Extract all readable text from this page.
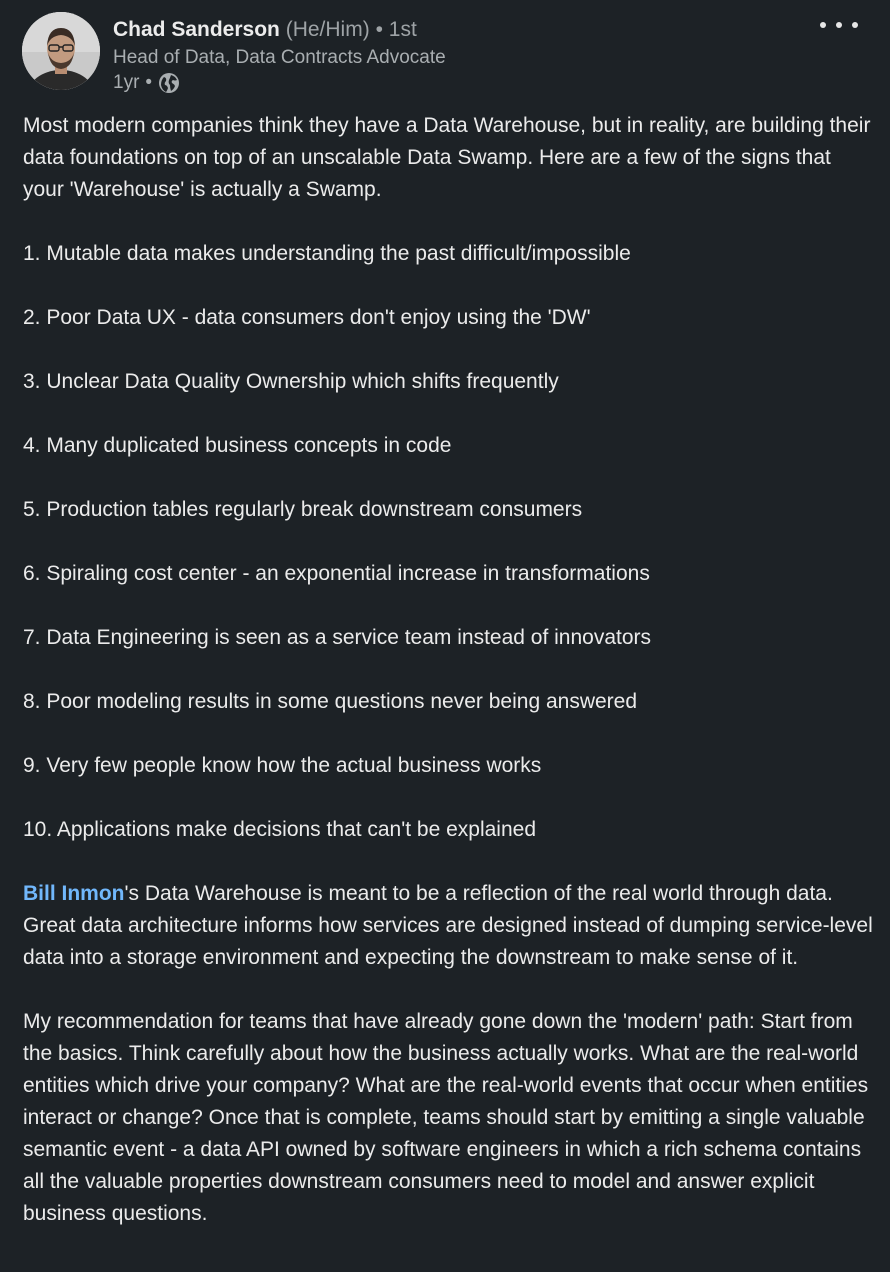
Chad Sanderson (He/Him) • 1st
Head of Data, Data Contracts Advocate
1yr •

Most modern companies think they have a Data Warehouse, but in reality, are building their data foundations on top of an unscalable Data Swamp. Here are a few of the signs that your 'Warehouse' is actually a Swamp.

1. Mutable data makes understanding the past difficult/impossible

2. Poor Data UX - data consumers don't enjoy using the 'DW'

3. Unclear Data Quality Ownership which shifts frequently

4. Many duplicated business concepts in code

5. Production tables regularly break downstream consumers

6. Spiraling cost center - an exponential increase in transformations

7. Data Engineering is seen as a service team instead of innovators

8. Poor modeling results in some questions never being answered

9. Very few people know how the actual business works

10. Applications make decisions that can't be explained

Bill Inmon's Data Warehouse is meant to be a reflection of the real world through data. Great data architecture informs how services are designed instead of dumping service-level data into a storage environment and expecting the downstream to make sense of it.

My recommendation for teams that have already gone down the 'modern' path: Start from the basics. Think carefully about how the business actually works. What are the real-world entities which drive your company? What are the real-world events that occur when entities interact or change? Once that is complete, teams should start by emitting a single valuable semantic event - a data API owned by software engineers in which a rich schema contains all the valuable properties downstream consumers need to model and answer explicit business questions.
